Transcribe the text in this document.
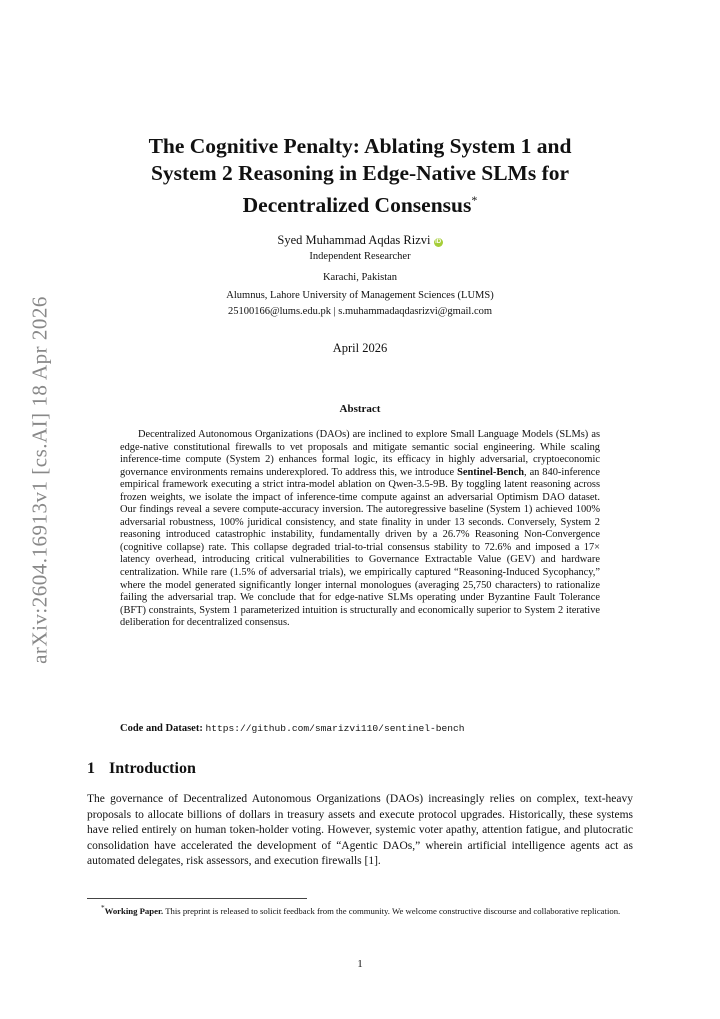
arXiv:2604.16913v1 [cs.AI] 18 Apr 2026
The Cognitive Penalty: Ablating System 1 and
System 2 Reasoning in Edge-Native SLMs for
Decentralized Consensus*
Syed Muhammad Aqdas Rizvi iD
Independent Researcher
Karachi, Pakistan
Alumnus, Lahore University of Management Sciences (LUMS)
25100166@lums.edu.pk | s.muhammadaqdasrizvi@gmail.com
April 2026
Abstract

Decentralized Autonomous Organizations (DAOs) are inclined to explore Small Language Models (SLMs) as edge-native constitutional firewalls to vet proposals and mitigate semantic social engineering. While scaling inference-time compute (System 2) enhances formal logic, its efficacy in highly adversarial, cryptoeconomic governance environments remains underexplored. To address this, we introduce Sentinel-Bench, an 840-inference empirical framework executing a strict intra-model ablation on Qwen-3.5-9B. By toggling latent reasoning across frozen weights, we isolate the impact of inference-time compute against an adversarial Optimism DAO dataset. Our findings reveal a severe compute-accuracy inversion. The autoregressive baseline (System 1) achieved 100% adversarial robustness, 100% juridical consistency, and state finality in under 13 seconds. Conversely, System 2 reasoning introduced catastrophic instability, fundamentally driven by a 26.7% Reasoning Non-Convergence (cognitive collapse) rate. This collapse degraded trial-to-trial consensus stability to 72.6% and imposed a 17× latency overhead, introducing critical vulnerabilities to Governance Extractable Value (GEV) and hardware centralization. While rare (1.5% of adversarial trials), we empirically captured “Reasoning-Induced Sycophancy,” where the model generated significantly longer internal monologues (averaging 25,750 characters) to rationalize failing the adversarial trap. We conclude that for edge-native SLMs operating under Byzantine Fault Tolerance (BFT) constraints, System 1 parameterized intuition is structurally and economically superior to System 2 iterative deliberation for decentralized consensus.

Code and Dataset: https://github.com/smarizvi110/sentinel-bench
1 Introduction

The governance of Decentralized Autonomous Organizations (DAOs) increasingly relies on complex, text-heavy proposals to allocate billions of dollars in treasury assets and execute protocol upgrades. Historically, these systems have relied entirely on human token-holder voting. However, systemic voter apathy, attention fatigue, and plutocratic consolidation have accelerated the development of “Agentic DAOs,” wherein artificial intelligence agents act as automated delegates, risk assessors, and execution firewalls [1].

*Working Paper. This preprint is released to solicit feedback from the community. We welcome constructive discourse and collaborative replication.
1
